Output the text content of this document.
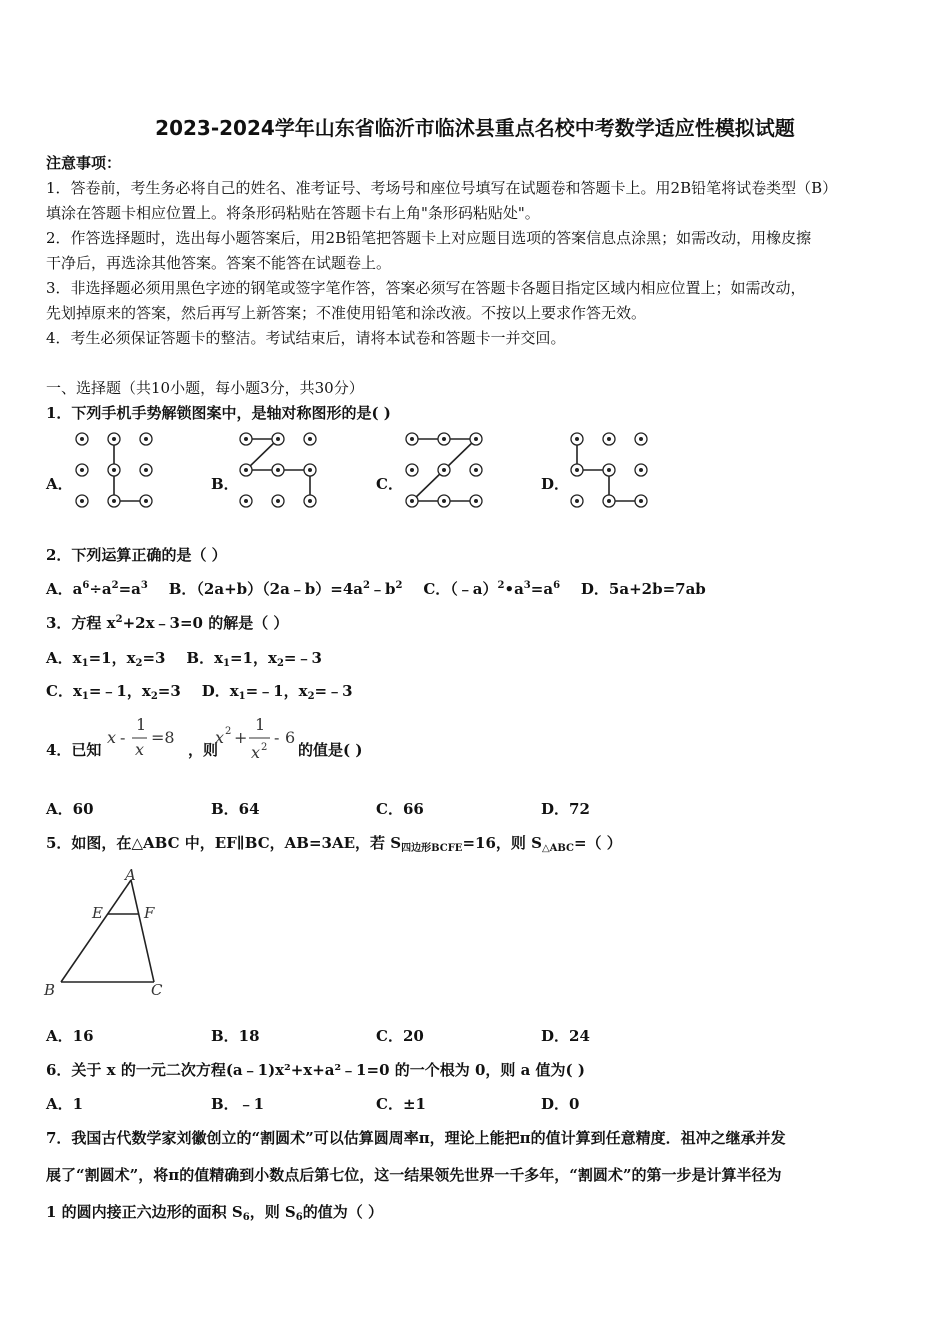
2023-2024学年山东省临沂市临沭县重点名校中考数学适应性模拟试题
注意事项：
1．答卷前，考生务必将自己的姓名、准考证号、考场号和座位号填写在试题卷和答题卡上。用2B铅笔将试卷类型（B）
填涂在答题卡相应位置上。将条形码粘贴在答题卡右上角"条形码粘贴处"。
2．作答选择题时，选出每小题答案后，用2B铅笔把答题卡上对应题目选项的答案信息点涂黑；如需改动，用橡皮擦
干净后，再选涂其他答案。答案不能答在试题卷上。
3．非选择题必须用黑色字迹的钢笔或签字笔作答，答案必须写在答题卡各题目指定区域内相应位置上；如需改动，
先划掉原来的答案，然后再写上新答案；不准使用铅笔和涂改液。不按以上要求作答无效。
4．考生必须保证答题卡的整洁。考试结束后，请将本试卷和答题卡一并交回。
一、选择题（共10小题，每小题3分，共30分）
1．下列手机手势解锁图案中，是轴对称图形的是( )
A．	B．	C．	D．
2．下列运算正确的是（ ）
A．$a^6\div a^2=a^3$ B．$(2a+b)(2a﹣b)=4a^2﹣b^2$ C．$(﹣a)^2•a^3=a^6$ D．5a+2b=7ab
3．方程 $x^2+2x﹣3=0$ 的解是（ ）
A．$x_1=1$，$x_2=3$ B．$x_1=1$，$x_2=﹣3$
C．$x_1=﹣1$，$x_2=3$ D．$x_1=﹣1$，$x_2=﹣3$
4．已知
x -
1
x
=8
，则
x 2 +
1
x 2
- 6
的值是( )
A．60	B．64	C．66	D．72
5．如图，在△ABC 中，EF∥BC，AB=3AE，若 $S_{四边形BCFE}=16$，则 $S_{\triangle ABC}=$（ ）
A
E	F
B	C
A．16	B．18	C．20	D．24
6．关于 x 的一元二次方程(a﹣1)x²+x+a²﹣1=0 的一个根为 0，则 a 值为( )
A．1	B．﹣1	C．±1	D．0
7．我国古代数学家刘徽创立的“割圆术”可以估算圆周率π，理论上能把π的值计算到任意精度．祖冲之继承并发
展了“割圆术”，将π的值精确到小数点后第七位，这一结果领先世界一千多年，“割圆术”的第一步是计算半径为
1 的圆内接正六边形的面积 $S_6$，则 $S_6$的值为（ ）
